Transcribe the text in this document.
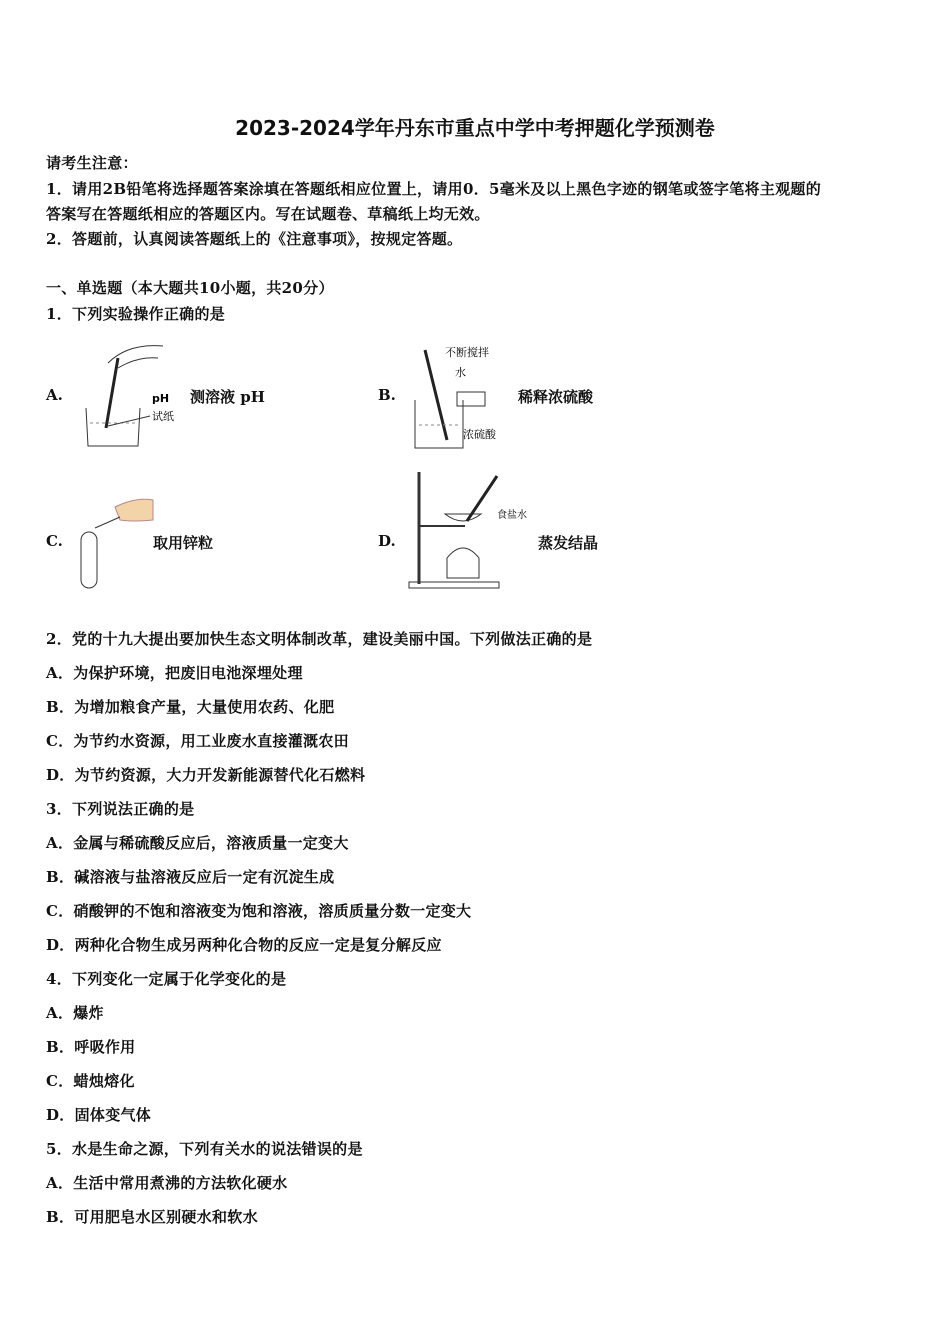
2023-2024学年丹东市重点中学中考押题化学预测卷
请考生注意：
1．请用2B铅笔将选择题答案涂填在答题纸相应位置上，请用0．5毫米及以上黑色字迹的钢笔或签字笔将主观题的
答案写在答题纸相应的答题区内。写在试题卷、草稿纸上均无效。
2．答题前，认真阅读答题纸上的《注意事项》，按规定答题。
一、单选题（本大题共10小题，共20分）
1．下列实验操作正确的是
A.	pH
试纸
测溶液 pH	B.
不断搅拌
水
浓硫酸
稀释浓硫酸
C.	取用锌粒	D.
食盐水
蒸发结晶
2．党的十九大提出要加快生态文明体制改革，建设美丽中国。下列做法正确的是
A．为保护环境，把废旧电池深埋处理
B．为增加粮食产量，大量使用农药、化肥
C．为节约水资源，用工业废水直接灌溉农田
D．为节约资源，大力开发新能源替代化石燃料
3．下列说法正确的是
A．金属与稀硫酸反应后，溶液质量一定变大
B．碱溶液与盐溶液反应后一定有沉淀生成
C．硝酸钾的不饱和溶液变为饱和溶液，溶质质量分数一定变大
D．两种化合物生成另两种化合物的反应一定是复分解反应
4．下列变化一定属于化学变化的是
A．爆炸
B．呼吸作用
C．蜡烛熔化
D．固体变气体
5．水是生命之源，下列有关水的说法错误的是
A．生活中常用煮沸的方法软化硬水
B．可用肥皂水区别硬水和软水
